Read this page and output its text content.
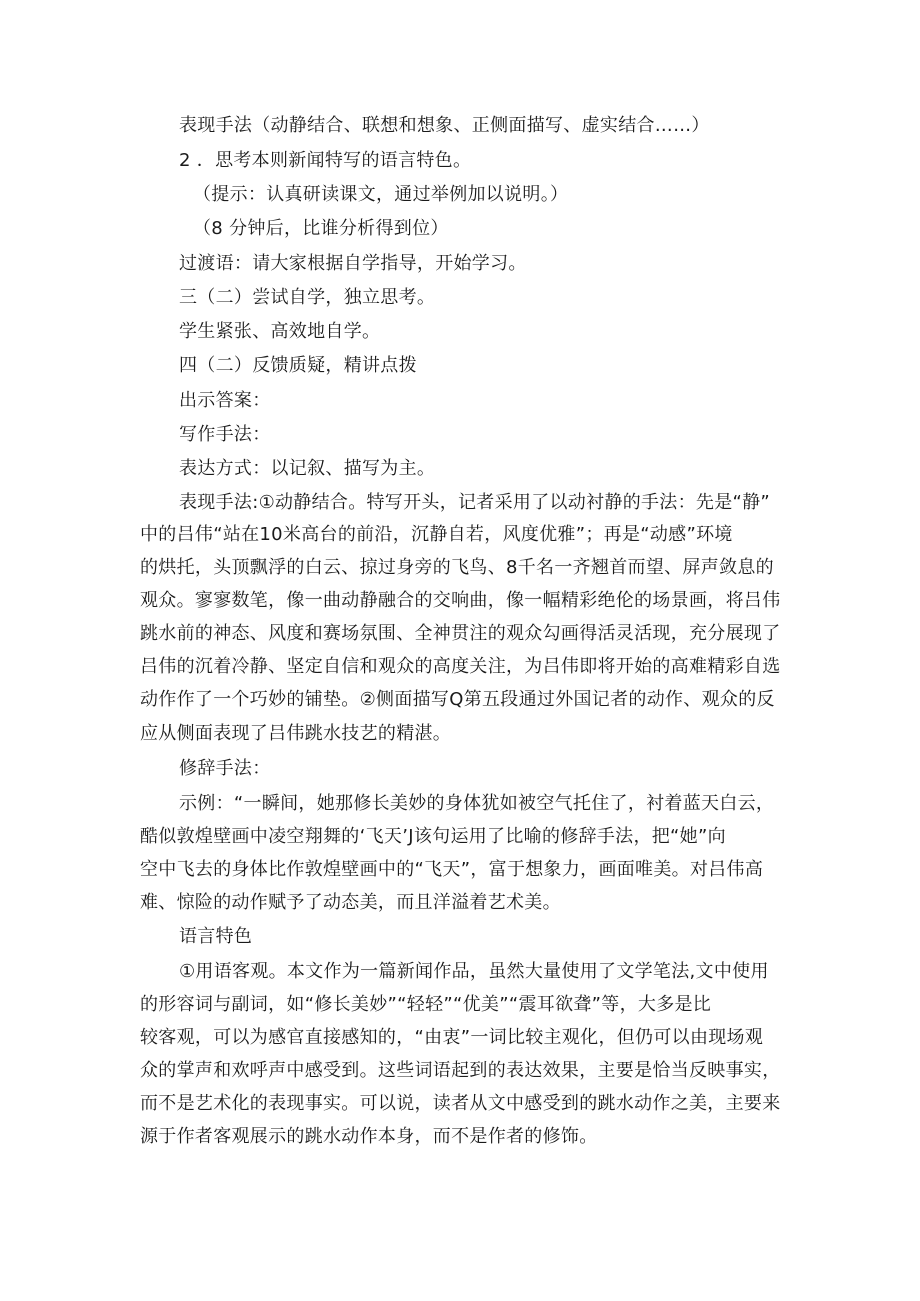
表现手法（动静结合、联想和想象、正侧面描写、虚实结合……）
2 ．思考本则新闻特写的语言特色。
（提示：认真研读课文，通过举例加以说明。）
（8 分钟后，比谁分析得到位）
过渡语：请大家根据自学指导，开始学习。
三（二）尝试自学，独立思考。
学生紧张、高效地自学。
四（二）反馈质疑，精讲点拨
出示答案：
写作手法：
表达方式：以记叙、描写为主。
表现手法:①动静结合。特写开头，记者采用了以动衬静的手法：先是“静”
中的吕伟“站在10米高台的前沿，沉静自若，风度优雅”；再是“动感”环境
的烘托，头顶飘浮的白云、掠过身旁的飞鸟、8千名一齐翘首而望、屏声敛息的
观众。寥寥数笔，像一曲动静融合的交响曲，像一幅精彩绝伦的场景画，将吕伟
跳水前的神态、风度和赛场氛围、全神贯注的观众勾画得活灵活现，充分展现了
吕伟的沉着冷静、坚定自信和观众的高度关注，为吕伟即将开始的高难精彩自选
动作作了一个巧妙的铺垫。②侧面描写Q第五段通过外国记者的动作、观众的反
应从侧面表现了吕伟跳水技艺的精湛。
修辞手法：
示例：“一瞬间，她那修长美妙的身体犹如被空气托住了，衬着蓝天白云，
酷似敦煌壁画中凌空翔舞的‘飞天’J该句运用了比喻的修辞手法，把“她”向
空中飞去的身体比作敦煌壁画中的“飞天”，富于想象力，画面唯美。对吕伟高
难、惊险的动作赋予了动态美，而且洋溢着艺术美。
语言特色
①用语客观。本文作为一篇新闻作品，虽然大量使用了文学笔法,文中使用
的形容词与副词，如“修长美妙”“轻轻”“优美”“震耳欲聋”等，大多是比
较客观，可以为感官直接感知的，“由衷”一词比较主观化，但仍可以由现场观
众的掌声和欢呼声中感受到。这些词语起到的表达效果，主要是恰当反映事实，
而不是艺术化的表现事实。可以说，读者从文中感受到的跳水动作之美，主要来
源于作者客观展示的跳水动作本身，而不是作者的修饰。
